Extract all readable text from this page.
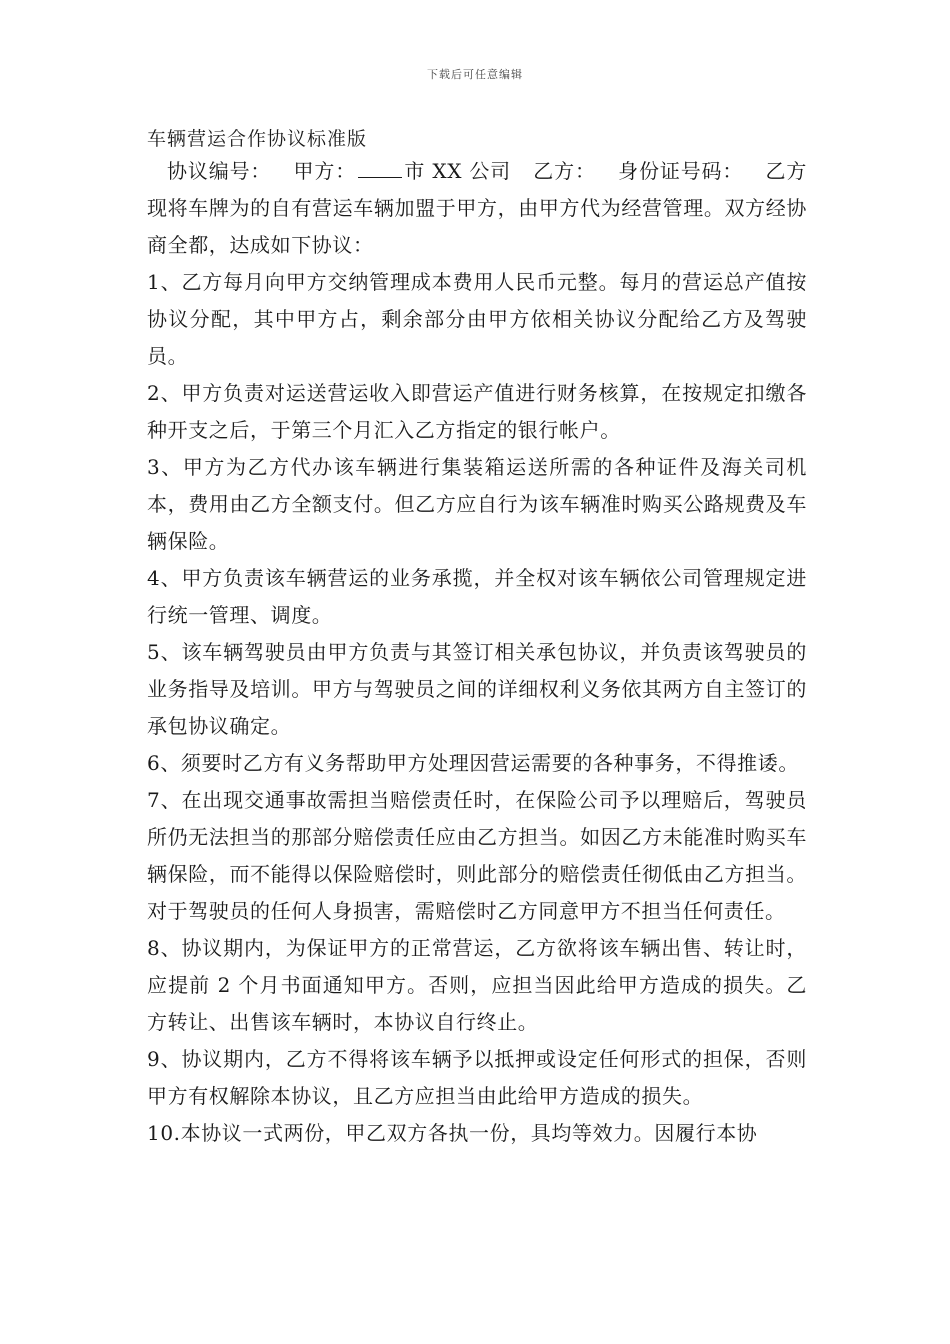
下载后可任意编辑
车辆营运合作协议标准版

协议编号： 甲方： 市 XX 公司 乙方： 身份证号码： 乙方现将车牌为的自有营运车辆加盟于甲方，由甲方代为经营管理。双方经协商全都，达成如下协议：

1、乙方每月向甲方交纳管理成本费用人民币元整。每月的营运总产值按协议分配，其中甲方占，剩余部分由甲方依相关协议分配给乙方及驾驶员。

2、甲方负责对运送营运收入即营运产值进行财务核算，在按规定扣缴各种开支之后，于第三个月汇入乙方指定的银行帐户。

3、甲方为乙方代办该车辆进行集装箱运送所需的各种证件及海关司机本，费用由乙方全额支付。但乙方应自行为该车辆准时购买公路规费及车辆保险。

4、甲方负责该车辆营运的业务承揽，并全权对该车辆依公司管理规定进行统一管理、调度。

5、该车辆驾驶员由甲方负责与其签订相关承包协议，并负责该驾驶员的业务指导及培训。甲方与驾驶员之间的详细权利义务依其两方自主签订的承包协议确定。

6、须要时乙方有义务帮助甲方处理因营运需要的各种事务，不得推诿。

7、在出现交通事故需担当赔偿责任时，在保险公司予以理赔后，驾驶员所仍无法担当的那部分赔偿责任应由乙方担当。如因乙方未能准时购买车辆保险，而不能得以保险赔偿时，则此部分的赔偿责任彻低由乙方担当。对于驾驶员的任何人身损害，需赔偿时乙方同意甲方不担当任何责任。

8、协议期内，为保证甲方的正常营运，乙方欲将该车辆出售、转让时，应提前 2 个月书面通知甲方。否则，应担当因此给甲方造成的损失。乙方转让、出售该车辆时，本协议自行终止。

9、协议期内，乙方不得将该车辆予以抵押或设定任何形式的担保，否则甲方有权解除本协议，且乙方应担当由此给甲方造成的损失。

10.本协议一式两份，甲乙双方各执一份，具均等效力。因履行本协
